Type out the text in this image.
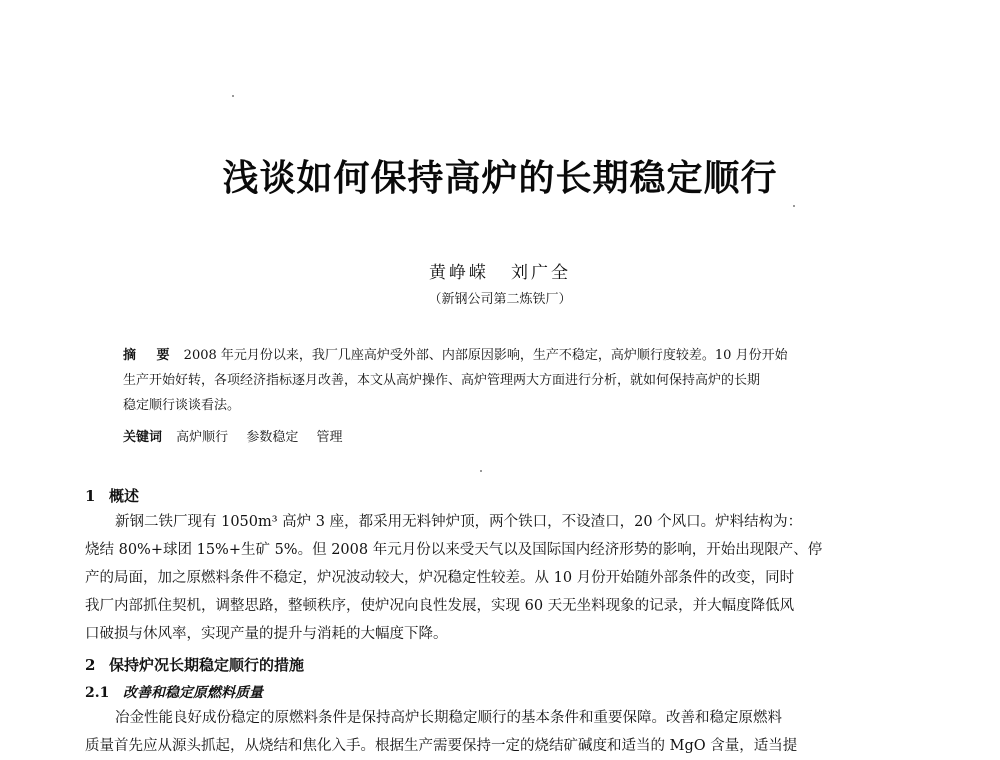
浅谈如何保持高炉的长期稳定顺行
黄峥嵘 刘广全
（新钢公司第二炼铁厂）
摘 要 2008 年元月份以来，我厂几座高炉受外部、内部原因影响，生产不稳定，高炉顺行度较差。10 月份开始
生产开始好转，各项经济指标逐月改善，本文从高炉操作、高炉管理两大方面进行分析，就如何保持高炉的长期
稳定顺行谈谈看法。
关键词 高炉顺行 参数稳定 管理
1 概述
新钢二铁厂现有 1050m³ 高炉 3 座，都采用无料钟炉顶，两个铁口，不设渣口，20 个风口。炉料结构为：
烧结 80%+球团 15%+生矿 5%。但 2008 年元月份以来受天气以及国际国内经济形势的影响，开始出现限产、停
产的局面，加之原燃料条件不稳定，炉况波动较大，炉况稳定性较差。从 10 月份开始随外部条件的改变，同时
我厂内部抓住契机，调整思路，整顿秩序，使炉况向良性发展，实现 60 天无坐料现象的记录，并大幅度降低风
口破损与休风率，实现产量的提升与消耗的大幅度下降。
2 保持炉况长期稳定顺行的措施
2.1 改善和稳定原燃料质量
冶金性能良好成份稳定的原燃料条件是保持高炉长期稳定顺行的基本条件和重要保障。改善和稳定原燃料
质量首先应从源头抓起，从烧结和焦化入手。根据生产需要保持一定的烧结矿碱度和适当的 MgO 含量，适当提
